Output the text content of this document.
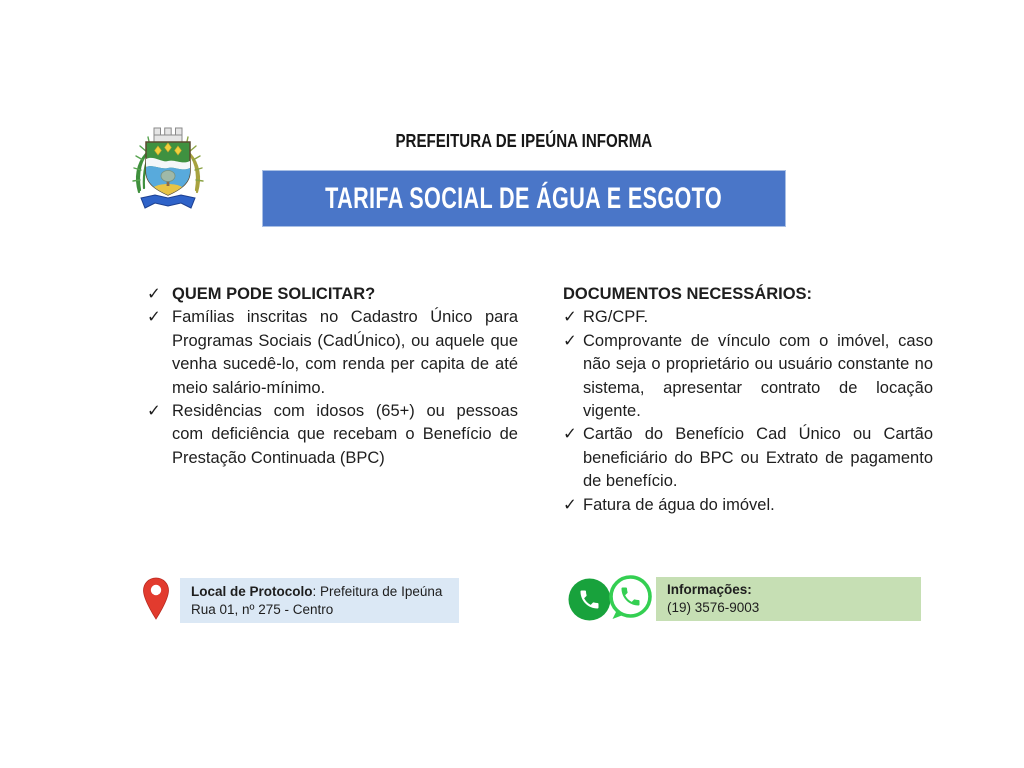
PREFEITURA DE IPEÚNA INFORMA
TARIFA SOCIAL DE ÁGUA E ESGOTO
✓ QUEM PODE SOLICITAR?
✓ Famílias inscritas no Cadastro Único para Programas Sociais (CadÚnico), ou aquele que venha sucedê-lo, com renda per capita de até meio salário-mínimo.
✓ Residências com idosos (65+) ou pessoas com deficiência que recebam o Benefício de Prestação Continuada (BPC)
DOCUMENTOS NECESSÁRIOS:
✓ RG/CPF.
✓ Comprovante de vínculo com o imóvel, caso não seja o proprietário ou usuário constante no sistema, apresentar contrato de locação vigente.
✓ Cartão do Benefício Cad Único ou Cartão beneficiário do BPC ou Extrato de pagamento de benefício.
✓ Fatura de água do imóvel.
Local de Protocolo: Prefeitura de Ipeúna
Rua 01, nº 275 - Centro
Informações:
(19) 3576-9003
